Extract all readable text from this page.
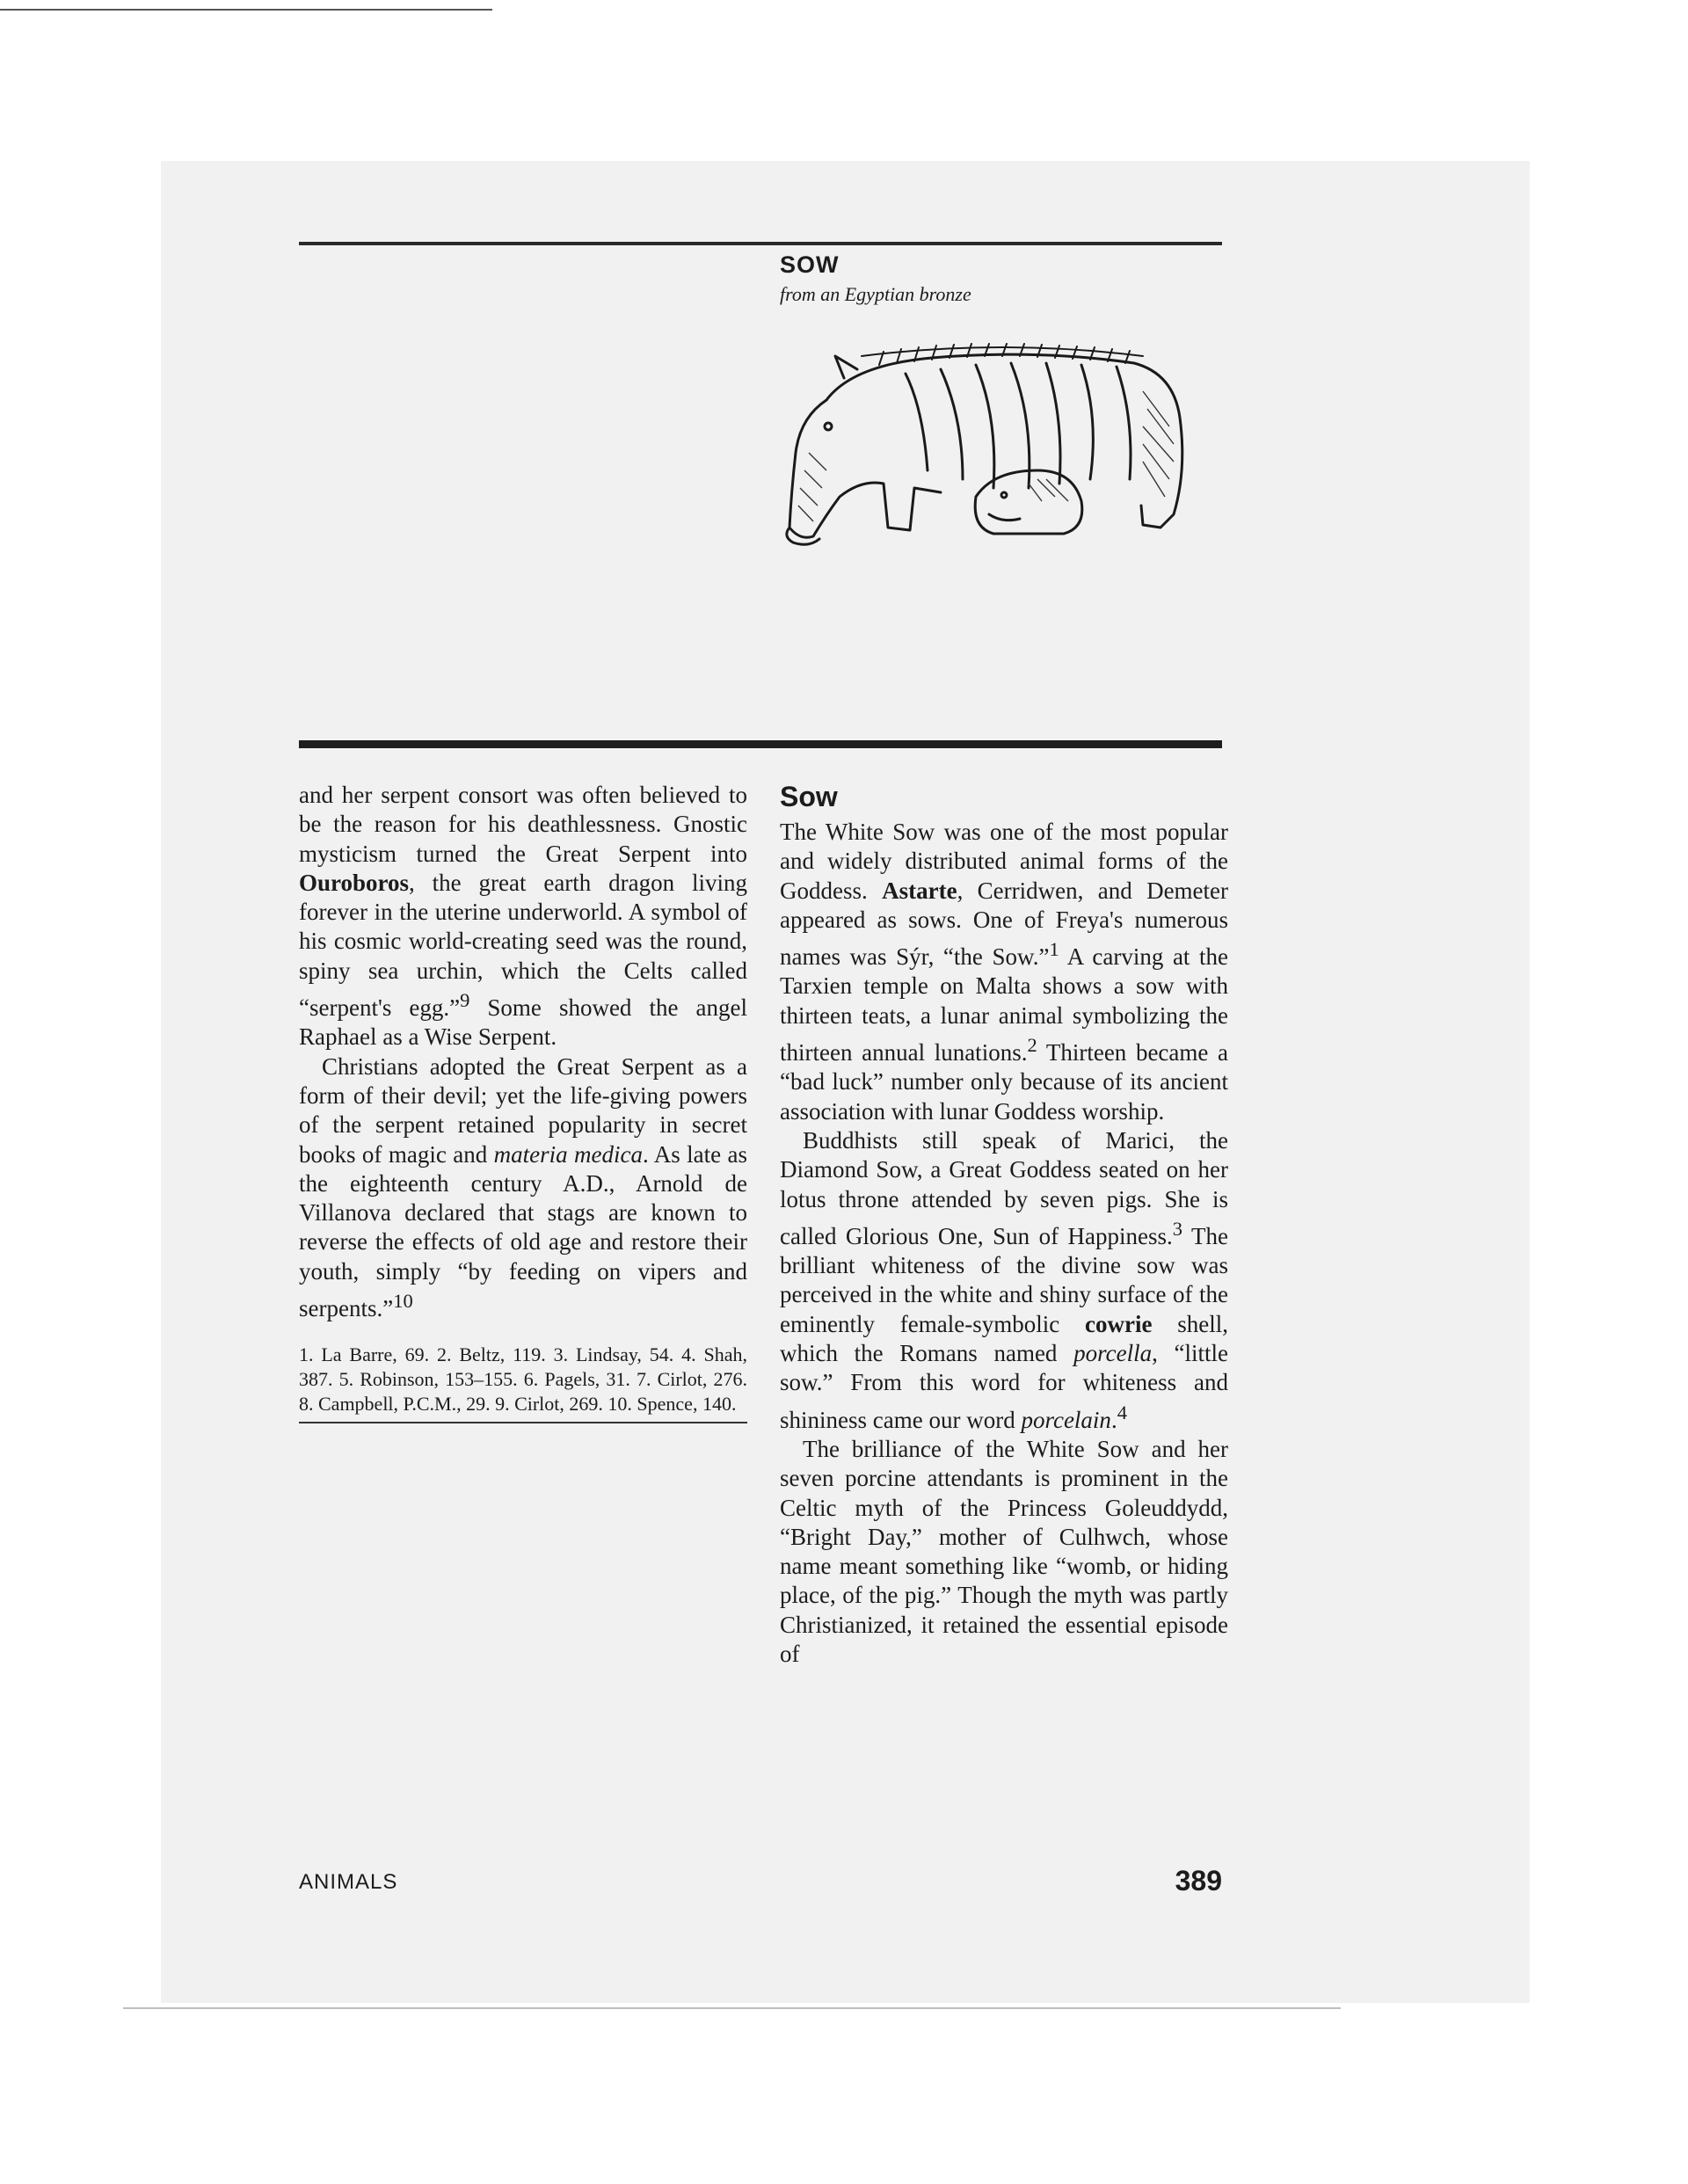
SOW

from an Egyptian bronze

and her serpent consort was often believed to be the reason for his deathlessness. Gnostic mysticism turned the Great Serpent into Ouroboros, the great earth dragon living forever in the uterine underworld. A symbol of his cosmic world-creating seed was the round, spiny sea urchin, which the Celts called “serpent's egg.”$^9$ Some showed the angel Raphael as a Wise Serpent.

Christians adopted the Great Serpent as a form of their devil; yet the life-giving powers of the serpent retained popularity in secret books of magic and materia medica. As late as the eighteenth century A.D., Arnold de Villanova declared that stags are known to reverse the effects of old age and restore their youth, simply “by feeding on vipers and serpents.”$^{10}$

1. La Barre, 69. 2. Beltz, 119. 3. Lindsay, 54. 4. Shah, 387. 5. Robinson, 153–155. 6. Pagels, 31. 7. Cirlot, 276. 8. Campbell, P.C.M., 29. 9. Cirlot, 269. 10. Spence, 140.
Sow

The White Sow was one of the most popular and widely distributed animal forms of the Goddess. Astarte, Cerridwen, and Demeter appeared as sows. One of Freya's numerous names was Sýr, “the Sow.”$^1$ A carving at the Tarxien temple on Malta shows a sow with thirteen teats, a lunar animal symbolizing the thirteen annual lunations.$^2$ Thirteen became a “bad luck” number only because of its ancient association with lunar Goddess worship.

Buddhists still speak of Marici, the Diamond Sow, a Great Goddess seated on her lotus throne attended by seven pigs. She is called Glorious One, Sun of Happiness.$^3$ The brilliant whiteness of the divine sow was perceived in the white and shiny surface of the eminently female-symbolic cowrie shell, which the Romans named porcella, “little sow.” From this word for whiteness and shininess came our word porcelain.$^4$

The brilliance of the White Sow and her seven porcine attendants is prominent in the Celtic myth of the Princess Goleuddydd, “Bright Day,” mother of Culhwch, whose name meant something like “womb, or hiding place, of the pig.” Though the myth was partly Christianized, it retained the essential episode of

ANIMALS	389
